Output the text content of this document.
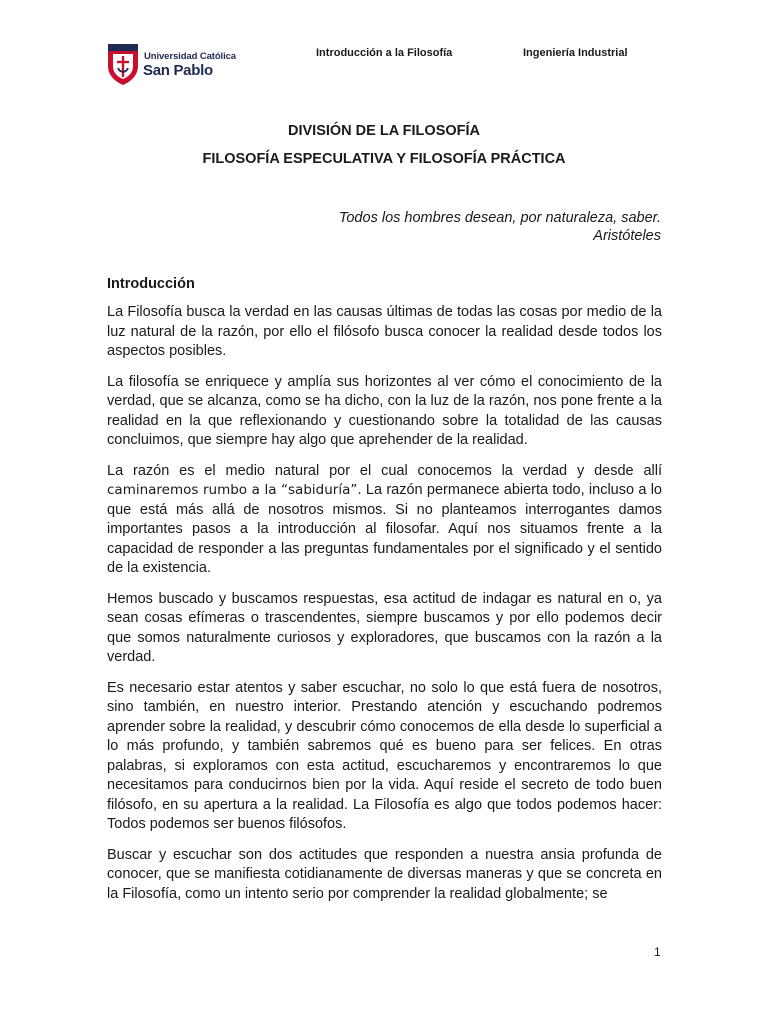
Universidad Católica
San Pablo
Introducción a la Filosofía	Ingeniería Industrial
DIVISIÓN DE LA FILOSOFÍA
FILOSOFÍA ESPECULATIVA Y FILOSOFÍA PRÁCTICA
Todos los hombres desean, por naturaleza, saber.
Aristóteles
Introducción

La Filosofía busca la verdad en las causas últimas de todas las cosas por medio de la luz natural de la razón, por ello el filósofo busca conocer la realidad desde todos los aspectos posibles.

La filosofía se enriquece y amplía sus horizontes al ver cómo el conocimiento de la verdad, que se alcanza, como se ha dicho, con la luz de la razón, nos pone frente a la realidad en la que reflexionando y cuestionando sobre la totalidad de las causas concluimos, que siempre hay algo que aprehender de la realidad.

La razón es el medio natural por el cual conocemos la verdad y desde allí caminaremos rumbo a la “sabiduría”. La razón permanece abierta todo, incluso a lo que está más allá de nosotros mismos. Si no planteamos interrogantes damos importantes pasos a la introducción al filosofar. Aquí nos situamos frente a la capacidad de responder a las preguntas fundamentales por el significado y el sentido de la existencia.

Hemos buscado y buscamos respuestas, esa actitud de indagar es natural en o, ya sean cosas efímeras o trascendentes, siempre buscamos y por ello podemos decir que somos naturalmente curiosos y exploradores, que buscamos con la razón a la verdad.

Es necesario estar atentos y saber escuchar, no solo lo que está fuera de nosotros, sino también, en nuestro interior. Prestando atención y escuchando podremos aprender sobre la realidad, y descubrir cómo conocemos de ella desde lo superficial a lo más profundo, y también sabremos qué es bueno para ser felices. En otras palabras, si exploramos con esta actitud, escucharemos y encontraremos lo que necesitamos para conducirnos bien por la vida. Aquí reside el secreto de todo buen filósofo, en su apertura a la realidad. La Filosofía es algo que todos podemos hacer: Todos podemos ser buenos filósofos.

Buscar y escuchar son dos actitudes que responden a nuestra ansia profunda de conocer, que se manifiesta cotidianamente de diversas maneras y que se concreta en la Filosofía, como un intento serio por comprender la realidad globalmente; se

1
